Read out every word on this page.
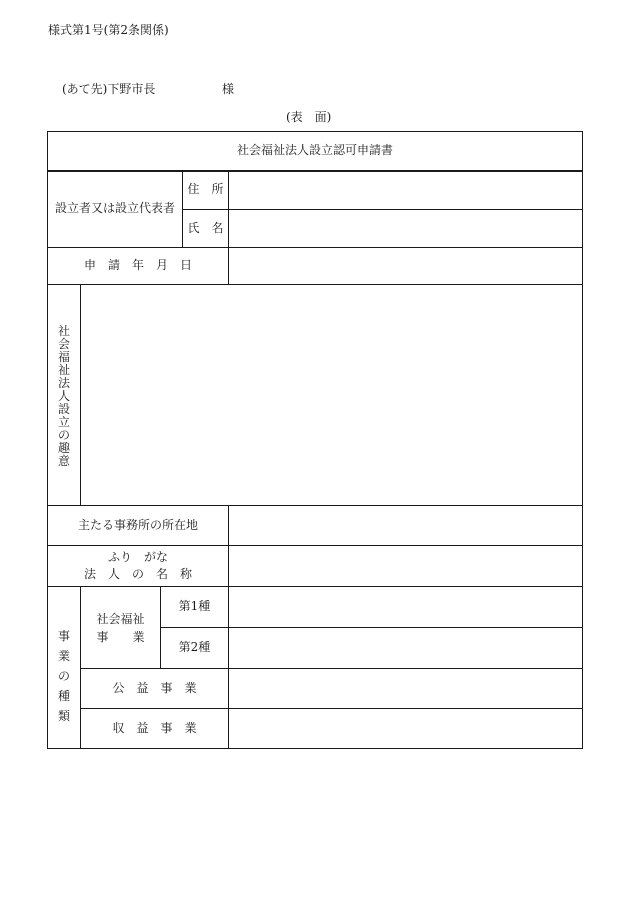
様式第1号(第2条関係)
(あて先)下野市長	様
(表　面)
社会福祉法人設立認可申請書
設立者又は設立代表者
住　所
氏　名
申　請　年　月　日
社
会
福
祉
法
人
設
立
の
趣
意
主たる事務所の所在地
ふり　がな
法　人　の　名　称
事
業
の
種
類
社会福祉
事　　業
第1種
第2種
公　益　事　業
収　益　事　業
